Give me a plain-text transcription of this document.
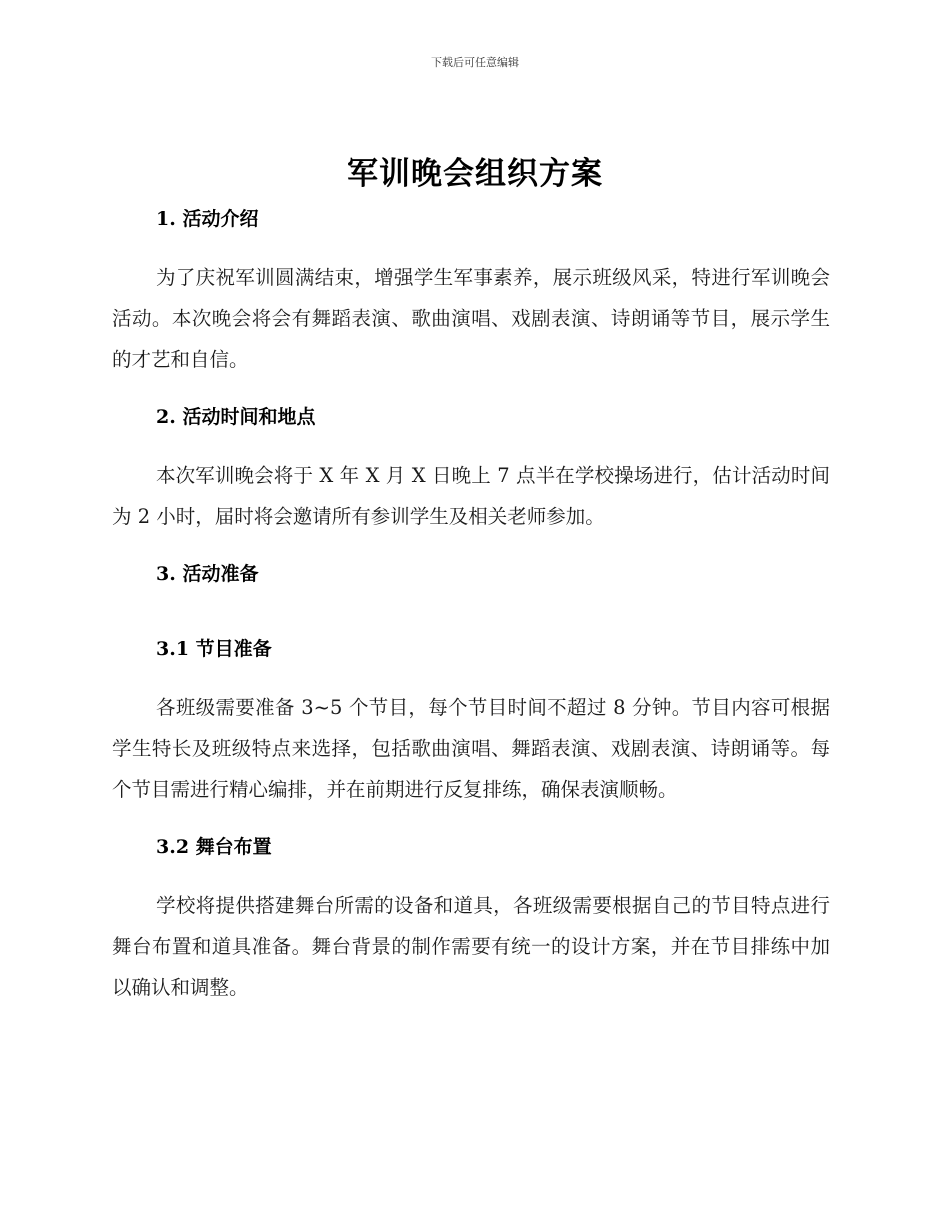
下载后可任意编辑
军训晚会组织方案
1. 活动介绍

为了庆祝军训圆满结束，增强学生军事素养，展示班级风采，特进行军训晚会活动。本次晚会将会有舞蹈表演、歌曲演唱、戏剧表演、诗朗诵等节目，展示学生的才艺和自信。

2. 活动时间和地点

本次军训晚会将于 X 年 X 月 X 日晚上 7 点半在学校操场进行，估计活动时间为 2 小时，届时将会邀请所有参训学生及相关老师参加。

3. 活动准备
3.1 节目准备

各班级需要准备 3~5 个节目，每个节目时间不超过 8 分钟。节目内容可根据学生特长及班级特点来选择，包括歌曲演唱、舞蹈表演、戏剧表演、诗朗诵等。每个节目需进行精心编排，并在前期进行反复排练，确保表演顺畅。

3.2 舞台布置

学校将提供搭建舞台所需的设备和道具，各班级需要根据自己的节目特点进行舞台布置和道具准备。舞台背景的制作需要有统一的设计方案，并在节目排练中加以确认和调整。
